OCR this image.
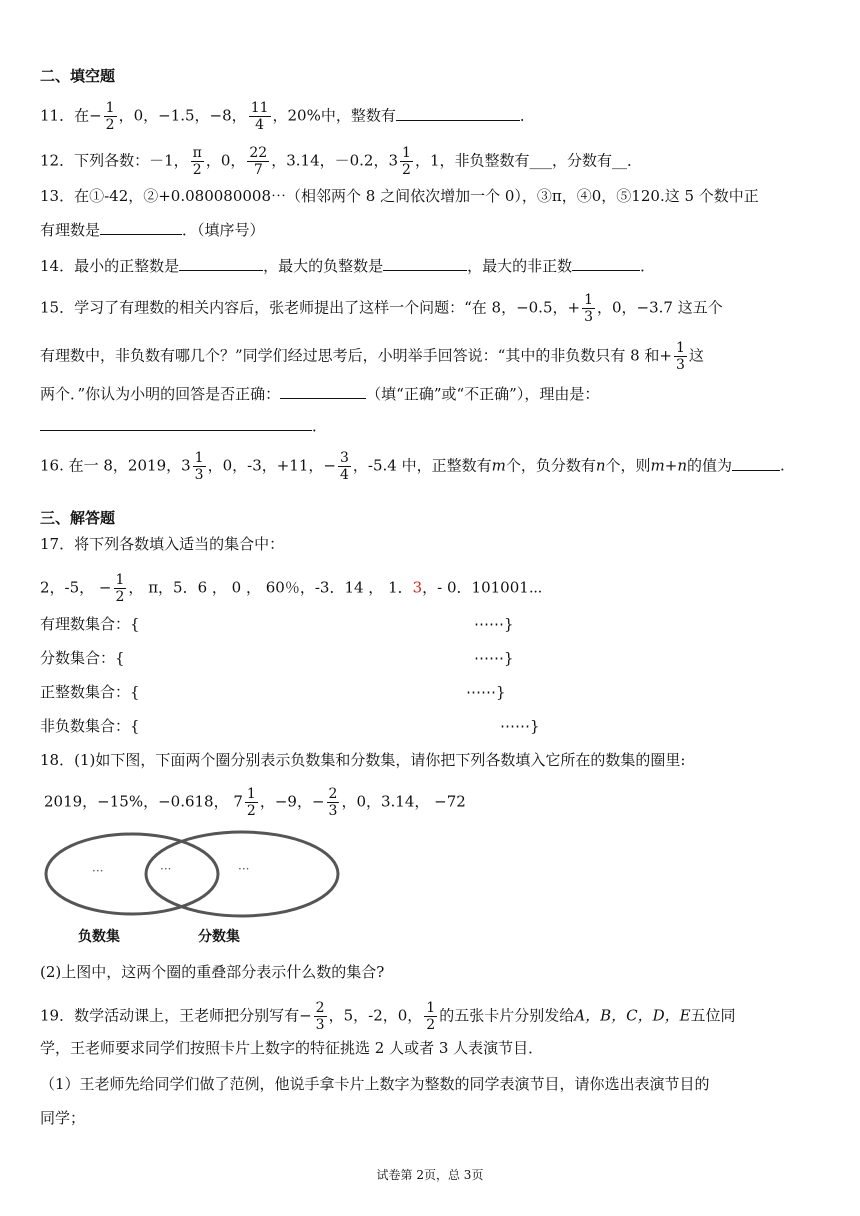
二、填空题
11．在− $\frac{1}{2}$ ，0，−1.5，−8， $\frac{11}{4}$ ，20%中，整数有	．
12．下列各数：－1， $\frac{\pi}{2}$ ，0， $\frac{22}{7}$ ，3.14，－0.2，$3 \frac{1}{2}$ ，1，非负整数有___，分数有__．
13．在①-42，②+0.080080008⋯（相邻两个 8 之间依次增加一个 0），③π，④0，⑤120.这 5 个数中正
有理数是	．（填序号）
14．最小的正整数是	，最大的负整数是	，最大的非正数	．
15．学习了有理数的相关内容后，张老师提出了这样一个问题：“在 8，−0.5，+ $\frac{1}{3}$ ，0，−3.7 这五个
有理数中，非负数有哪几个？”同学们经过思考后，小明举手回答说：“其中的非负数只有 8 和+ $\frac{1}{3}$ 这
两个．”你认为小明的回答是否正确：	（填“正确”或“不正确”），理由是：
．
16. 在一 8，2019，$3 \frac{1}{3}$ ，0，-3，+11，− $\frac{3}{4}$ ，-5.4 中，正整数有m个，负分数有n个，则m+n的值为	.
三、解答题
17．将下列各数填入适当的集合中：
2，-5， − $\frac{1}{2}$ ， π，5．6 ， 0 ， 60％，-3．14 ， 1．3，- 0．101001⋯
有理数集合：{	⋯⋯}
分数集合：{	⋯⋯}
正整数集合：{	⋯⋯}
非负数集合：{	⋯⋯}
18．(1)如下图，下面两个圈分别表示负数集和分数集，请你把下列各数填入它所在的数集的圈里:
2019，−15%，−0.618， $7 \frac{1}{2}$ ，−9，− $\frac{2}{3}$ ，0，3.14， −72
···	···	···
负数集	分数集
(2)上图中，这两个圈的重叠部分表示什么数的集合?
19．数学活动课上，王老师把分别写有− $\frac{2}{3}$ ，5，-2，0， $\frac{1}{2}$ 的五张卡片分别发给A，B，C，D，E五位同
学，王老师要求同学们按照卡片上数字的特征挑选 2 人或者 3 人表演节目．
（1）王老师先给同学们做了范例，他说手拿卡片上数字为整数的同学表演节目，请你选出表演节目的
同学；
试卷第 2页，总 3页
